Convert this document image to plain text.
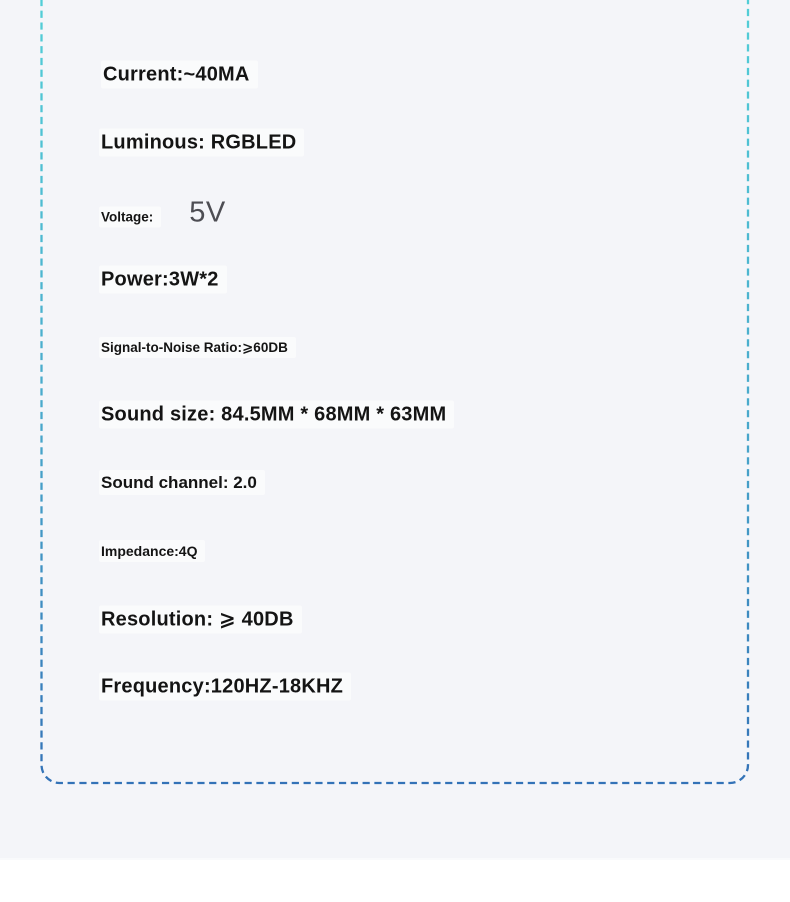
Current:~40MA
Luminous: RGBLED
Voltage: 5V
Power:3W*2
Signal-to-Noise Ratio:⩾60DB
Sound size: 84.5MM * 68MM * 63MM
Sound channel: 2.0
Impedance:4Q
Resolution: ⩾ 40DB
Frequency:120HZ-18KHZ
